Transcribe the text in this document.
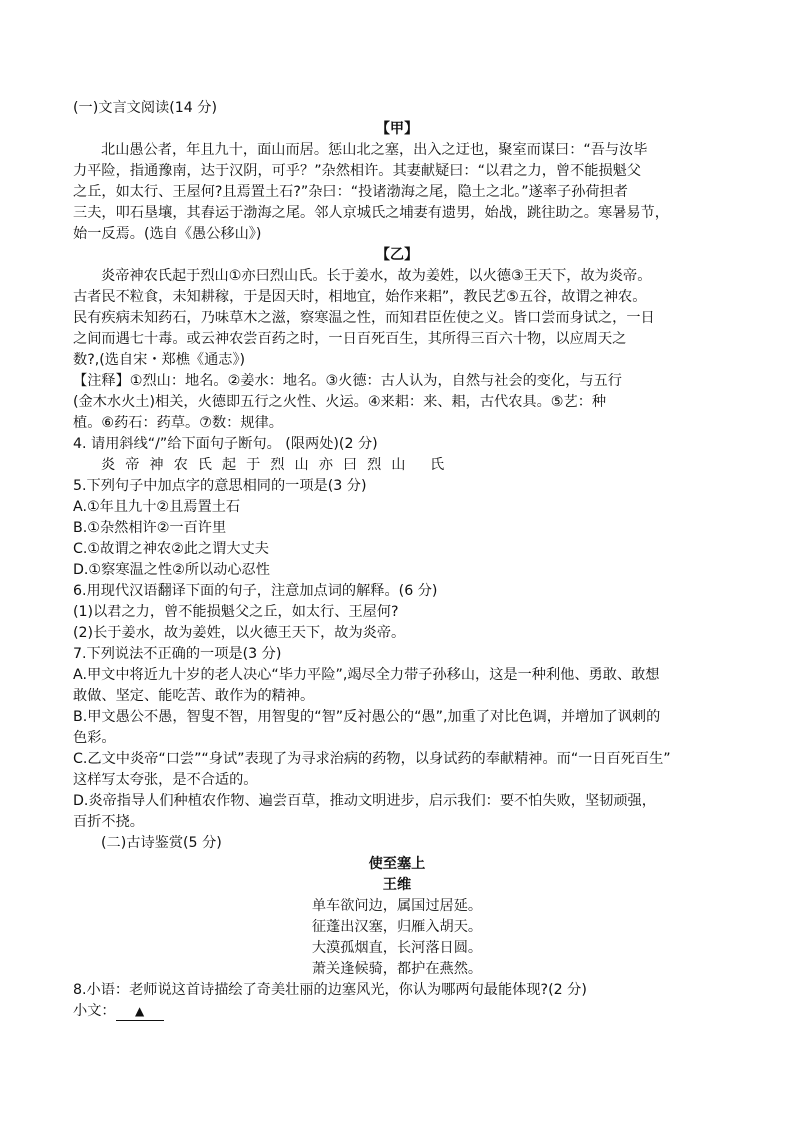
(一)文言文阅读(14 分)
【甲】
北山愚公者，年且九十，面山而居。惩山北之塞，出入之迂也，聚室而谋曰：“吾与汝毕
力平险，指通豫南，达于汉阴，可乎？”杂然相许。其妻献疑曰：“以君之力，曾不能损魁父
之丘，如太行、王屋何?且焉置土石?”杂曰：“投诸渤海之尾，隐土之北。”遂率子孙荷担者
三夫，叩石垦壤，其舂运于渤海之尾。邻人京城氏之埔妻有遗男，始战，跳往助之。寒暑易节，
始一反焉。(选自《愚公移山》)
【乙】
炎帝神农氏起于烈山①亦曰烈山氏。长于姜水，故为姜姓，以火德③王天下，故为炎帝。
古者民不粒食，未知耕稼，于是因天时，相地宜，始作来耜”，教民艺⑤五谷，故谓之神农。
民有疾病未知药石，乃味草木之滋，察寒温之性，而知君臣佐使之义。皆口尝而身试之，一日
之间而遇七十毒。或云神农尝百药之时，一日百死百生，其所得三百六十物，以应周天之
数?,(选自宋・郑樵《通志》)
【注释】①烈山：地名。②姜水：地名。③火德：古人认为，自然与社会的变化，与五行
(金木水火土)相关，火德即五行之火性、火运。④来耜：来、耜，古代农具。⑤艺：种
植。⑥药石：药草。⑦数：规律。
4. 请用斜线“/”给下面句子断句。 (限两处)(2 分)
炎帝神农氏起于烈山亦曰烈山 氏
5.下列句子中加点字的意思相同的一项是(3 分)
A.①年且九十②且焉置土石
B.①杂然相许②一百许里
C.①故谓之神农②此之谓大丈夫
D.①察寒温之性②所以动心忍性
6.用现代汉语翻译下面的句子，注意加点词的解释。(6 分)
(1)以君之力，曾不能损魁父之丘，如太行、王屋何?
(2)长于姜水，故为姜姓，以火德王天下，故为炎帝。
7.下列说法不正确的一项是(3 分)
A.甲文中将近九十岁的老人决心“毕力平险”,竭尽全力带子孙移山，这是一种利他、勇敢、敢想
敢做、坚定、能吃苦、敢作为的精神。
B.甲文愚公不愚，智叟不智，用智叟的“智”反衬愚公的“愚”,加重了对比色调，并增加了讽刺的
色彩。
C.乙文中炎帝“口尝”“身试”表现了为寻求治病的药物，以身试药的奉献精神。而“一日百死百生”
这样写太夸张，是不合适的。
D.炎帝指导人们种植农作物、遍尝百草，推动文明进步，启示我们：要不怕失败，坚韧顽强，
百折不挠。
(二)古诗鉴赏(5 分)
使至塞上
王维
单车欲问边，属国过居延。
征蓬出汉塞，归雁入胡天。
大漠孤烟直，长河落日圆。
萧关逢候骑，都护在燕然。
8.小语：老师说这首诗描绘了奇美壮丽的边塞风光，你认为哪两句最能体现?(2 分)
小文： ▲
